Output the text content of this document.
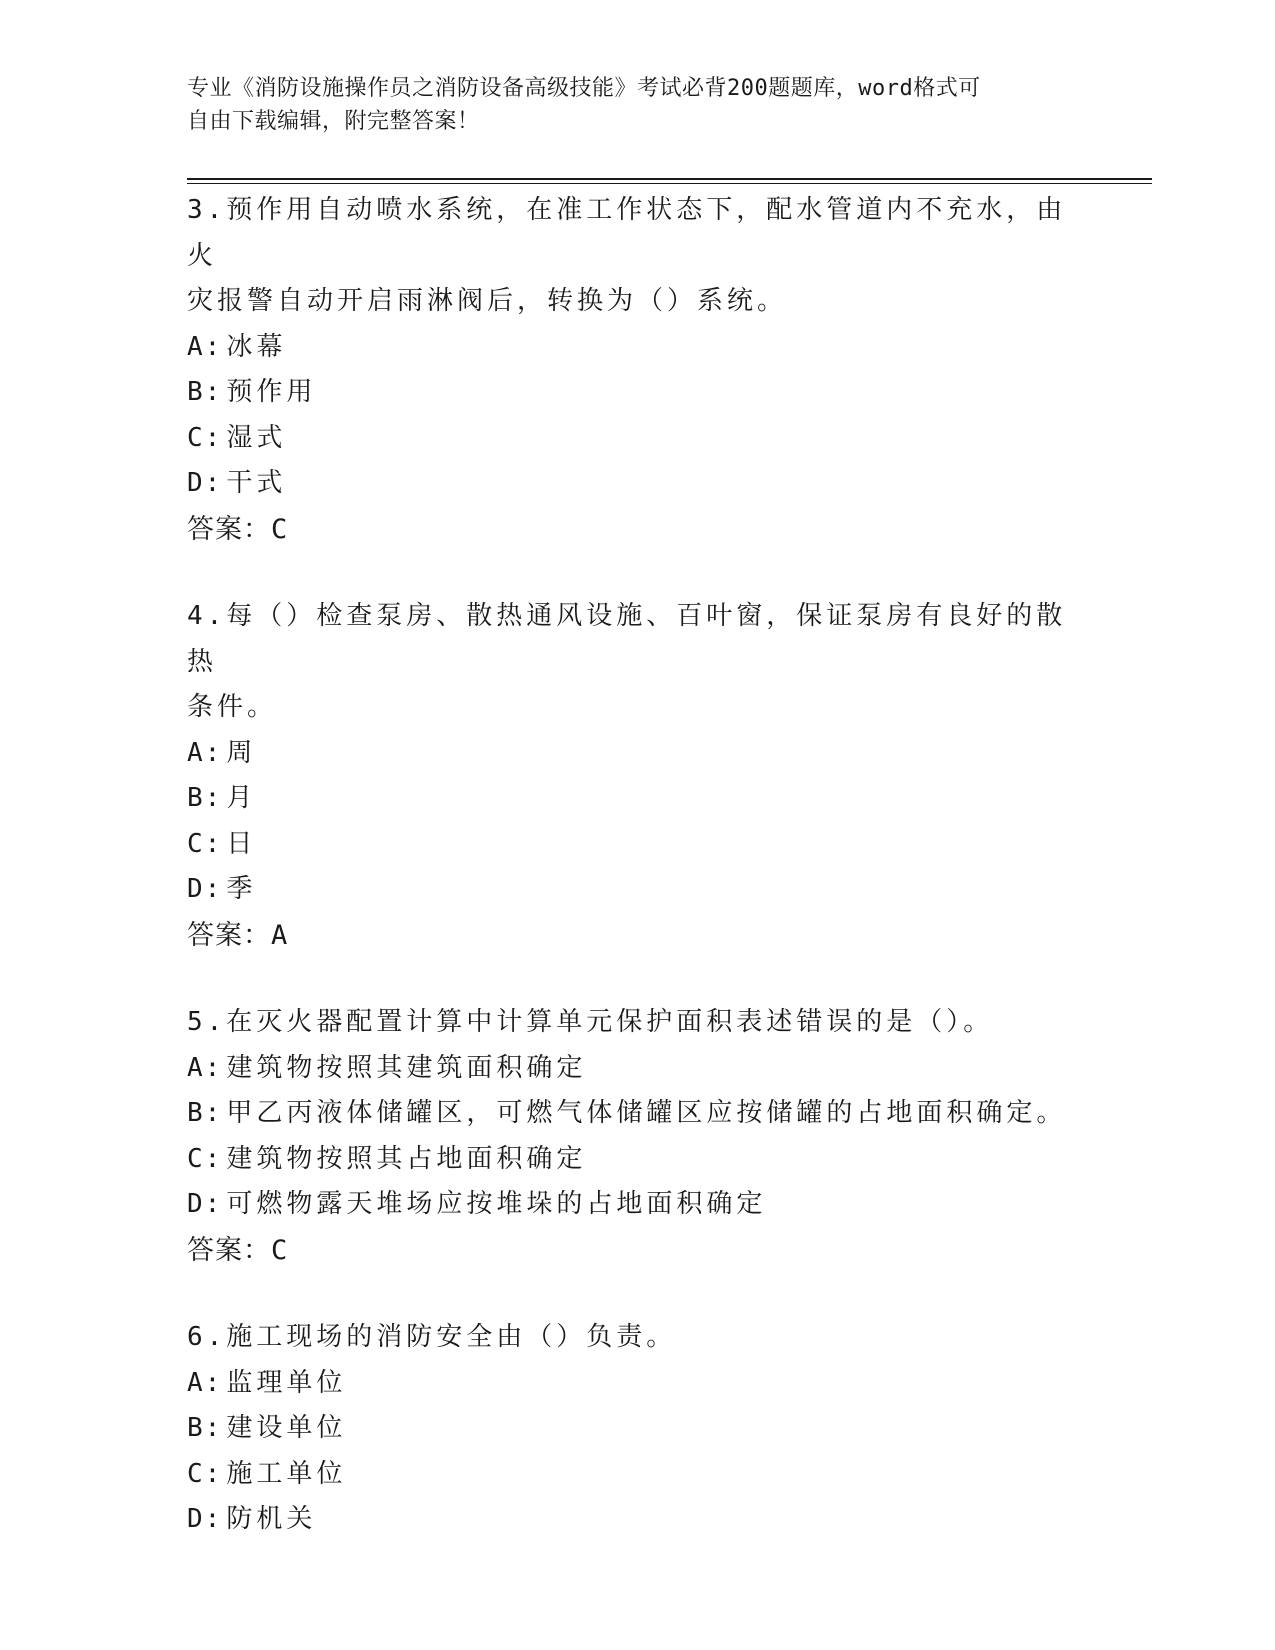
专业《消防设施操作员之消防设备高级技能》考试必背200题题库，word格式可
自由下载编辑，附完整答案！
3.预作用自动喷水系统，在准工作状态下，配水管道内不充水，由火
灾报警自动开启雨淋阀后，转换为（）系统。
A: 冰幕
B: 预作用
C: 湿式
D: 干式
答案：C
4.每（）检查泵房、散热通风设施、百叶窗，保证泵房有良好的散热
条件。
A: 周
B: 月
C: 日
D: 季
答案：A
5.在灭火器配置计算中计算单元保护面积表述错误的是（）。
A: 建筑物按照其建筑面积确定
B: 甲乙丙液体储罐区，可燃气体储罐区应按储罐的占地面积确定。
C: 建筑物按照其占地面积确定
D: 可燃物露天堆场应按堆垛的占地面积确定
答案：C
6.施工现场的消防安全由（）负责。
A: 监理单位
B: 建设单位
C: 施工单位
D: 防机关
